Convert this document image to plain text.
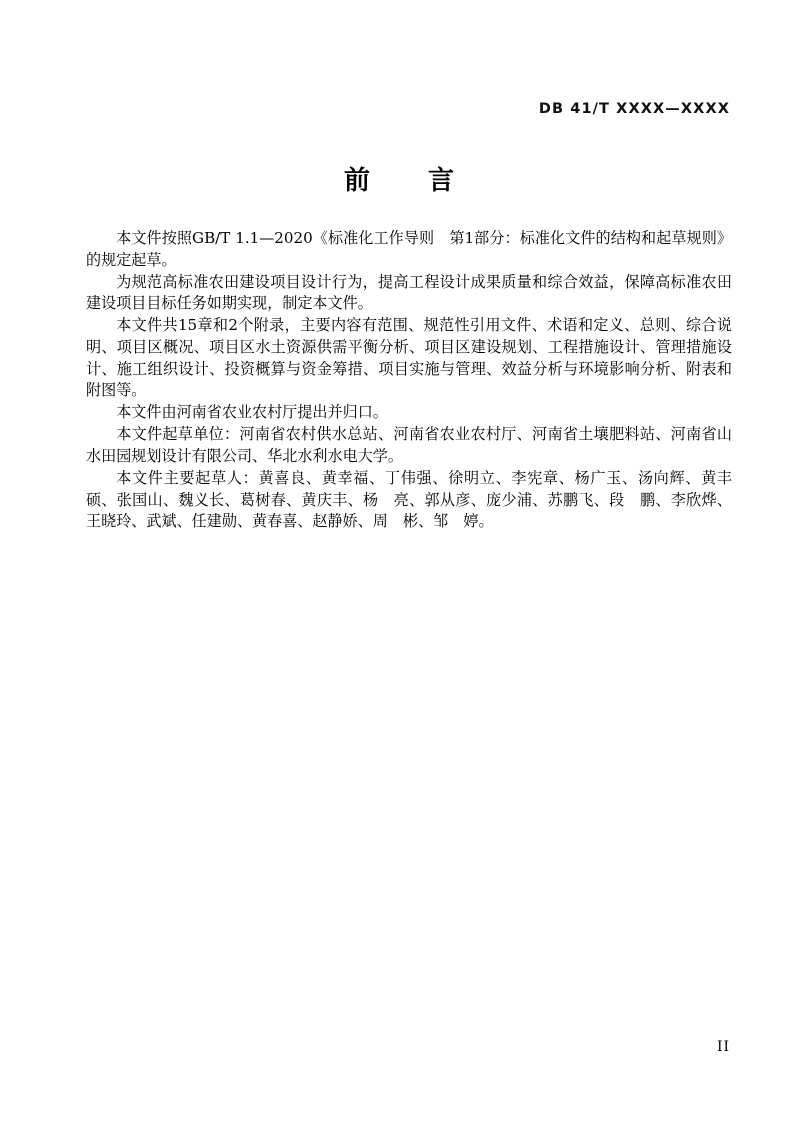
DB 41/T XXXX—XXXX
前　　言

本文件按照GB/T 1.1—2020《标准化工作导则　第1部分：标准化文件的结构和起草规则》的规定起草。

为规范高标准农田建设项目设计行为，提高工程设计成果质量和综合效益，保障高标准农田建设项目目标任务如期实现，制定本文件。

本文件共15章和2个附录，主要内容有范围、规范性引用文件、术语和定义、总则、综合说明、项目区概况、项目区水土资源供需平衡分析、项目区建设规划、工程措施设计、管理措施设计、施工组织设计、投资概算与资金筹措、项目实施与管理、效益分析与环境影响分析、附表和附图等。

本文件由河南省农业农村厅提出并归口。

本文件起草单位：河南省农村供水总站、河南省农业农村厅、河南省土壤肥料站、河南省山水田园规划设计有限公司、华北水利水电大学。

本文件主要起草人：黄喜良、黄幸福、丁伟强、徐明立、李宪章、杨广玉、汤向辉、黄丰硕、张国山、魏义长、葛树春、黄庆丰、杨　亮、郭从彦、庞少浦、苏鹏飞、段　鹏、李欣烨、王晓玲、武斌、任建勋、黄春喜、赵静娇、周　彬、邹　婷。

II
